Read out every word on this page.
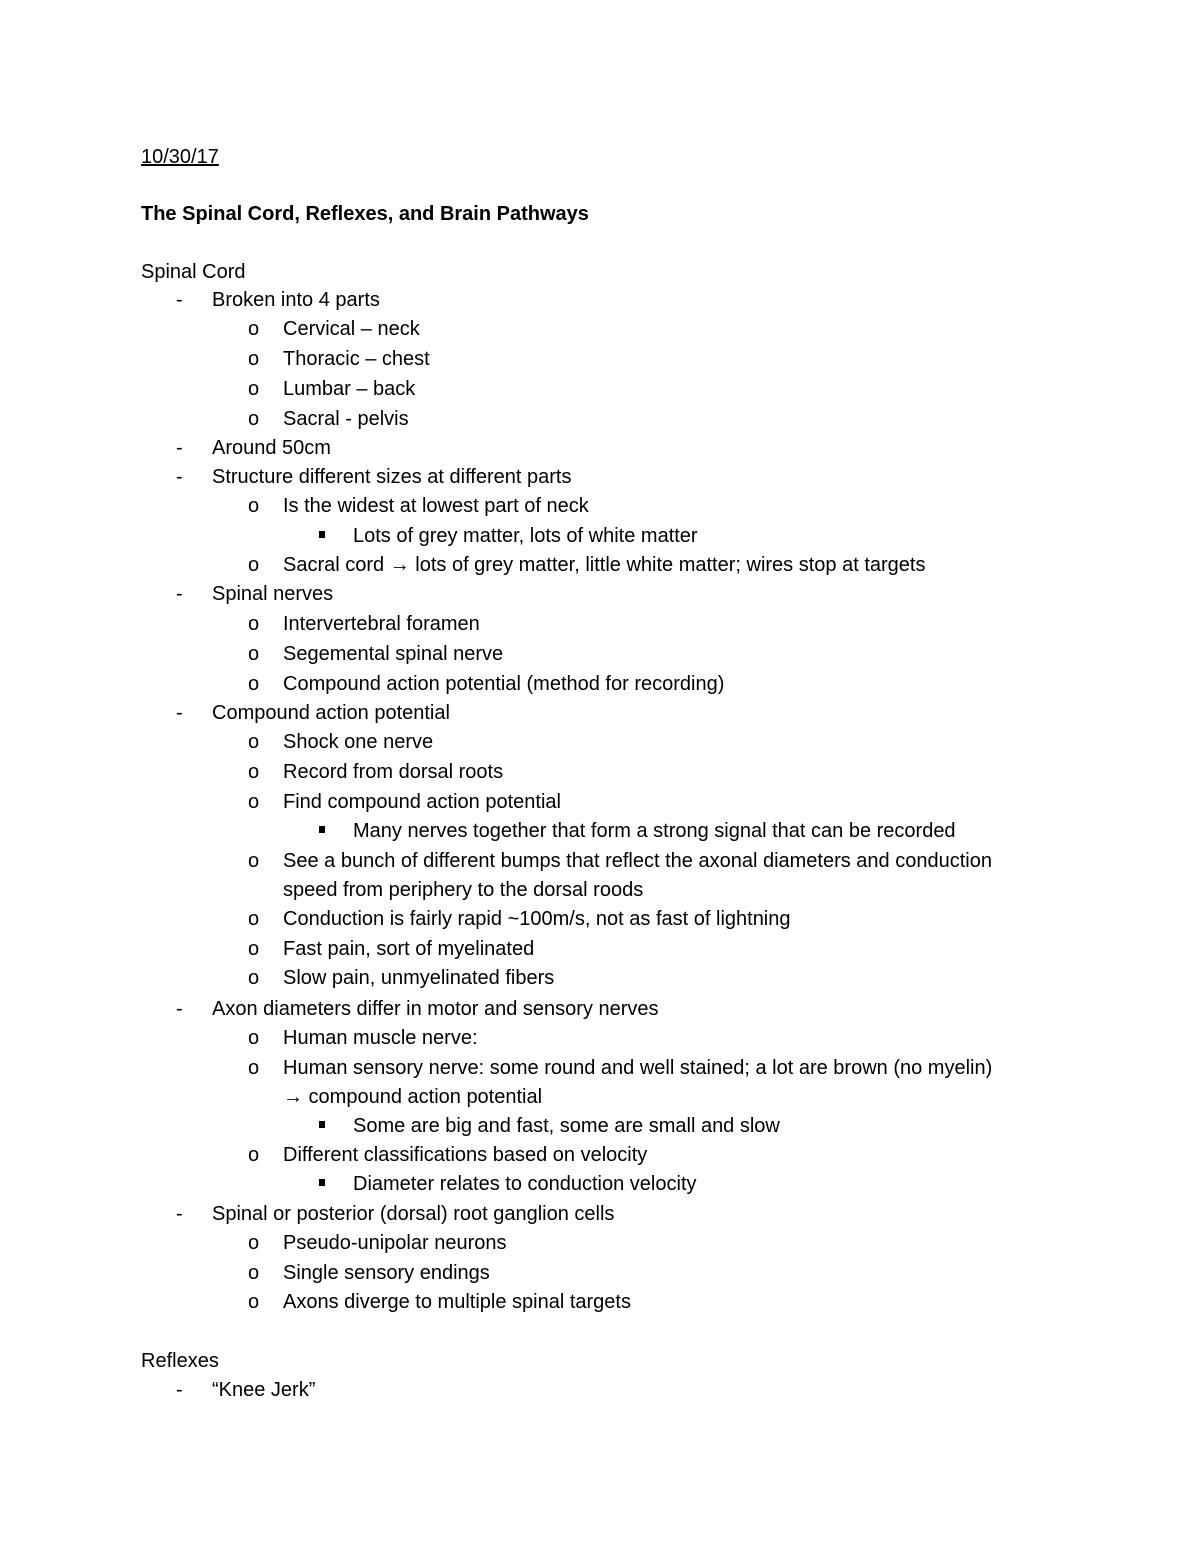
10/30/17
The Spinal Cord, Reflexes, and Brain Pathways
Spinal Cord
- Broken into 4 parts
o Cervical – neck
o Thoracic – chest
o Lumbar – back
o Sacral - pelvis
- Around 50cm
- Structure different sizes at different parts
o Is the widest at lowest part of neck
Lots of grey matter, lots of white matter
o Sacral cord → lots of grey matter, little white matter; wires stop at targets
- Spinal nerves
o Intervertebral foramen
o Segemental spinal nerve
o Compound action potential (method for recording)
- Compound action potential
o Shock one nerve
o Record from dorsal roots
o Find compound action potential
Many nerves together that form a strong signal that can be recorded
o See a bunch of different bumps that reflect the axonal diameters and conduction
speed from periphery to the dorsal roods
o Conduction is fairly rapid ~100m/s, not as fast of lightning
o Fast pain, sort of myelinated
o Slow pain, unmyelinated fibers
- Axon diameters differ in motor and sensory nerves
o Human muscle nerve:
o Human sensory nerve: some round and well stained; a lot are brown (no myelin)
→ compound action potential
Some are big and fast, some are small and slow
o Different classifications based on velocity
Diameter relates to conduction velocity
- Spinal or posterior (dorsal) root ganglion cells
o Pseudo-unipolar neurons
o Single sensory endings
o Axons diverge to multiple spinal targets
Reflexes
- “Knee Jerk”
